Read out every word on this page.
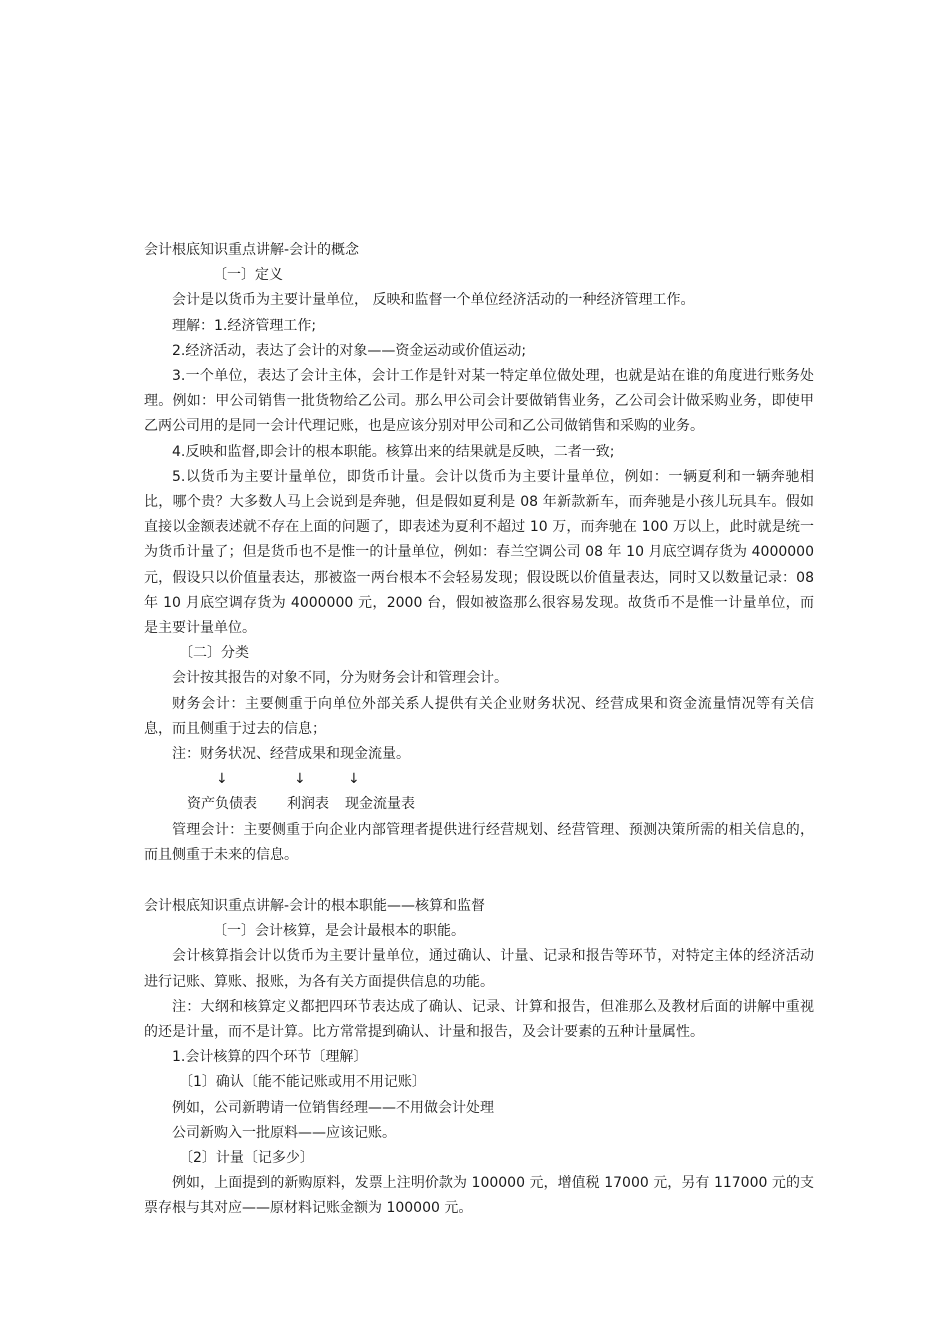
会计根底知识重点讲解-会计的概念

〔一〕定义

会计是以货币为主要计量单位， 反映和监督一个单位经济活动的一种经济管理工作。

理解：1.经济管理工作;

2.经济活动，表达了会计的对象——资金运动或价值运动;

3.一个单位，表达了会计主体，会计工作是针对某一特定单位做处理，也就是站在谁的角度进行账务处理。例如：甲公司销售一批货物给乙公司。那么甲公司会计要做销售业务，乙公司会计做采购业务，即使甲乙两公司用的是同一会计代理记账，也是应该分别对甲公司和乙公司做销售和采购的业务。

4.反映和监督,即会计的根本职能。核算出来的结果就是反映，二者一致;

5.以货币为主要计量单位，即货币计量。会计以货币为主要计量单位，例如：一辆夏利和一辆奔驰相比，哪个贵？大多数人马上会说到是奔驰，但是假如夏利是 08 年新款新车，而奔驰是小孩儿玩具车。假如直接以金额表述就不存在上面的问题了，即表述为夏利不超过 10 万，而奔驰在 100 万以上，此时就是统一为货币计量了；但是货币也不是惟一的计量单位，例如：春兰空调公司 08 年 10 月底空调存货为 4000000 元，假设只以价值量表达，那被盗一两台根本不会轻易发现；假设既以价值量表达，同时又以数量记录：08 年 10 月底空调存货为 4000000 元，2000 台，假如被盗那么很容易发现。故货币不是惟一计量单位，而是主要计量单位。

〔二〕分类

会计按其报告的对象不同，分为财务会计和管理会计。

财务会计：主要侧重于向单位外部关系人提供有关企业财务状况、经营成果和资金流量情况等有关信息，而且侧重于过去的信息；

注：财务状况、经营成果和现金流量。

↓	↓	↓
资产负债表 利润表 现金流量表

管理会计：主要侧重于向企业内部管理者提供进行经营规划、经营管理、预测决策所需的相关信息的，而且侧重于未来的信息。

会计根底知识重点讲解-会计的根本职能——核算和监督

〔一〕会计核算，是会计最根本的职能。

会计核算指会计以货币为主要计量单位，通过确认、计量、记录和报告等环节，对特定主体的经济活动进行记账、算账、报账，为各有关方面提供信息的功能。

注：大纲和核算定义都把四环节表达成了确认、记录、计算和报告，但准那么及教材后面的讲解中重视的还是计量，而不是计算。比方常常提到确认、计量和报告，及会计要素的五种计量属性。

1.会计核算的四个环节〔理解〕

〔1〕确认〔能不能记账或用不用记账〕

例如，公司新聘请一位销售经理——不用做会计处理

公司新购入一批原料——应该记账。

〔2〕计量〔记多少〕

例如，上面提到的新购原料，发票上注明价款为 100000 元，增值税 17000 元，另有 117000 元的支票存根与其对应——原材料记账金额为 100000 元。
